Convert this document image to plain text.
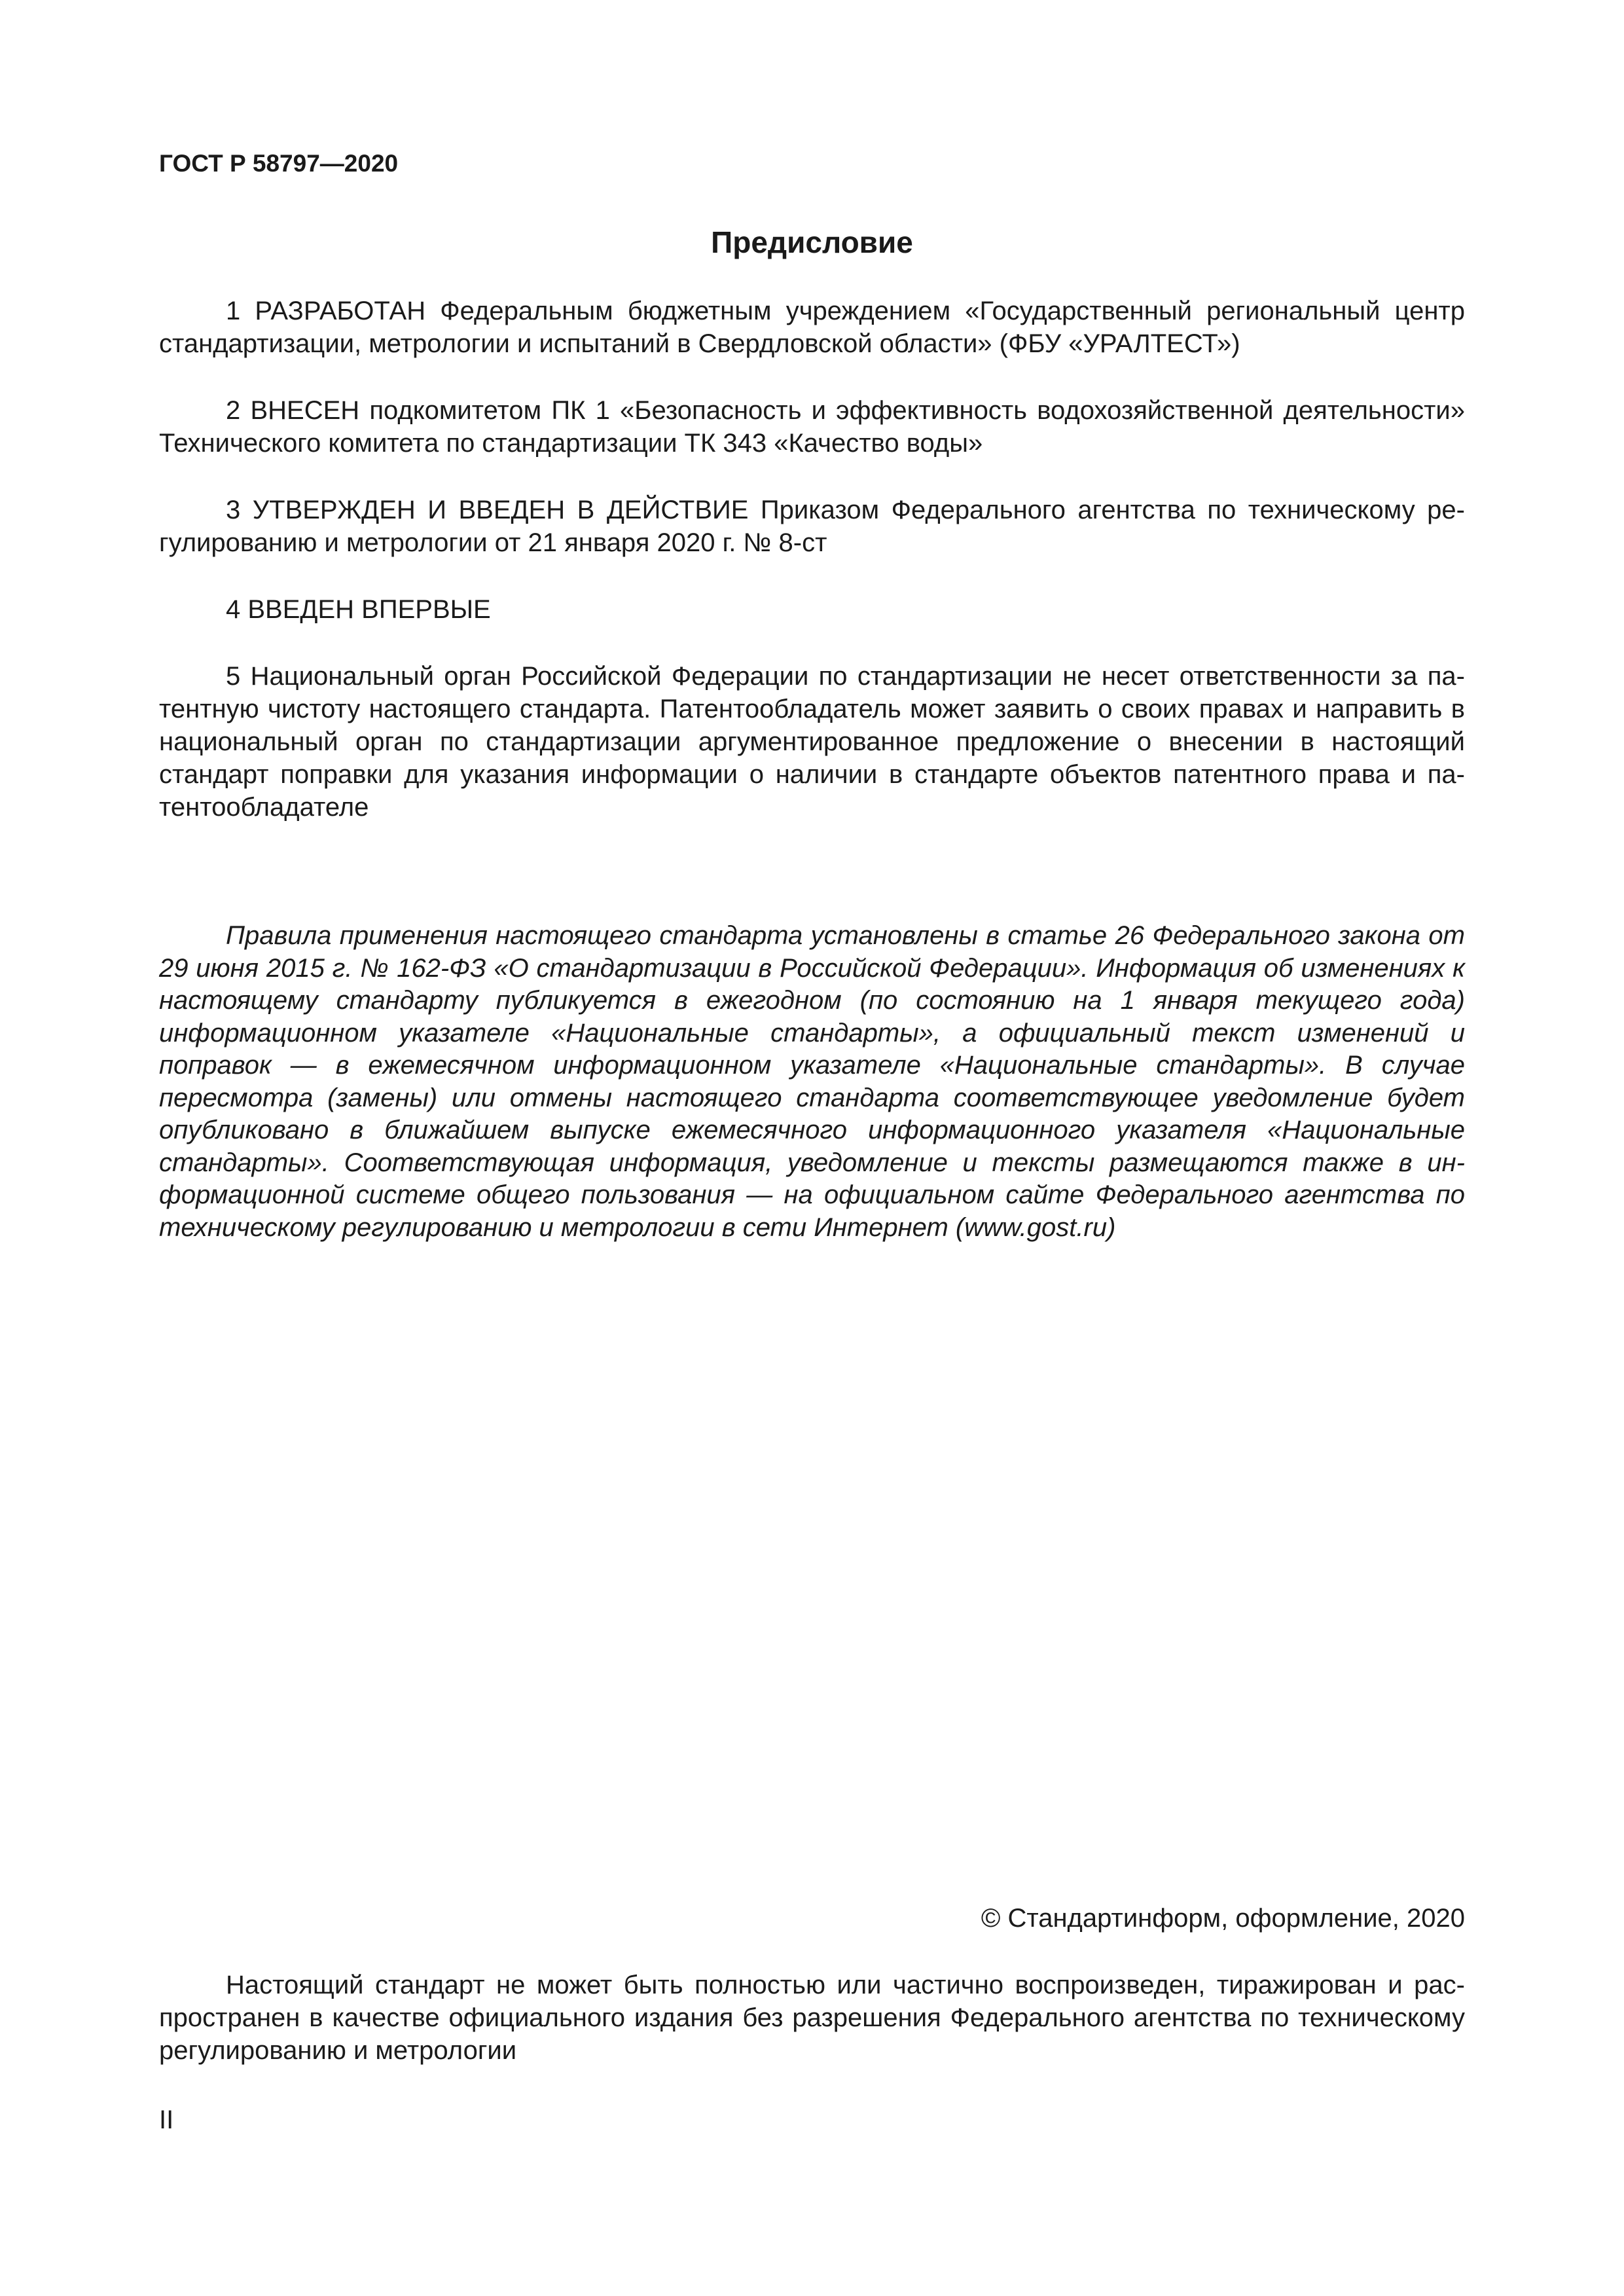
ГОСТ Р 58797—2020
Предисловие

1 РАЗРАБОТАН Федеральным бюджетным учреждением «Государственный региональный центр стандартизации, метрологии и испытаний в Свердловской области» (ФБУ «УРАЛТЕСТ»)

2 ВНЕСЕН подкомитетом ПК 1 «Безопасность и эффективность водохозяйственной деятельности» Технического комитета по стандартизации ТК 343 «Качество воды»

3 УТВЕРЖДЕН И ВВЕДЕН В ДЕЙСТВИЕ Приказом Федерального агентства по техническому регулированию и метрологии от 21 января 2020 г. № 8-ст

4 ВВЕДЕН ВПЕРВЫЕ

5 Национальный орган Российской Федерации по стандартизации не несет ответственности за патентную чистоту настоящего стандарта. Патентообладатель может заявить о своих правах и направить в национальный орган по стандартизации аргументированное предложение о внесении в настоящий стандарт поправки для указания информации о наличии в стандарте объектов патентного права и патентообладателе

Правила применения настоящего стандарта установлены в статье 26 Федерального закона от 29 июня 2015 г. № 162-ФЗ «О стандартизации в Российской Федерации». Информация об изменениях к настоящему стандарту публикуется в ежегодном (по состоянию на 1 января текущего года) информационном указателе «Национальные стандарты», а официальный текст изменений и поправок — в ежемесячном информационном указателе «Национальные стандарты». В случае пересмотра (замены) или отмены настоящего стандарта соответствующее уведомление будет опубликовано в ближайшем выпуске ежемесячного информационного указателя «Национальные стандарты». Соответствующая информация, уведомление и тексты размещаются также в информационной системе общего пользования — на официальном сайте Федерального агентства по техническому регулированию и метрологии в сети Интернет (www.gost.ru)

© Стандартинформ, оформление, 2020

Настоящий стандарт не может быть полностью или частично воспроизведен, тиражирован и распространен в качестве официального издания без разрешения Федерального агентства по техническому регулированию и метрологии

II
